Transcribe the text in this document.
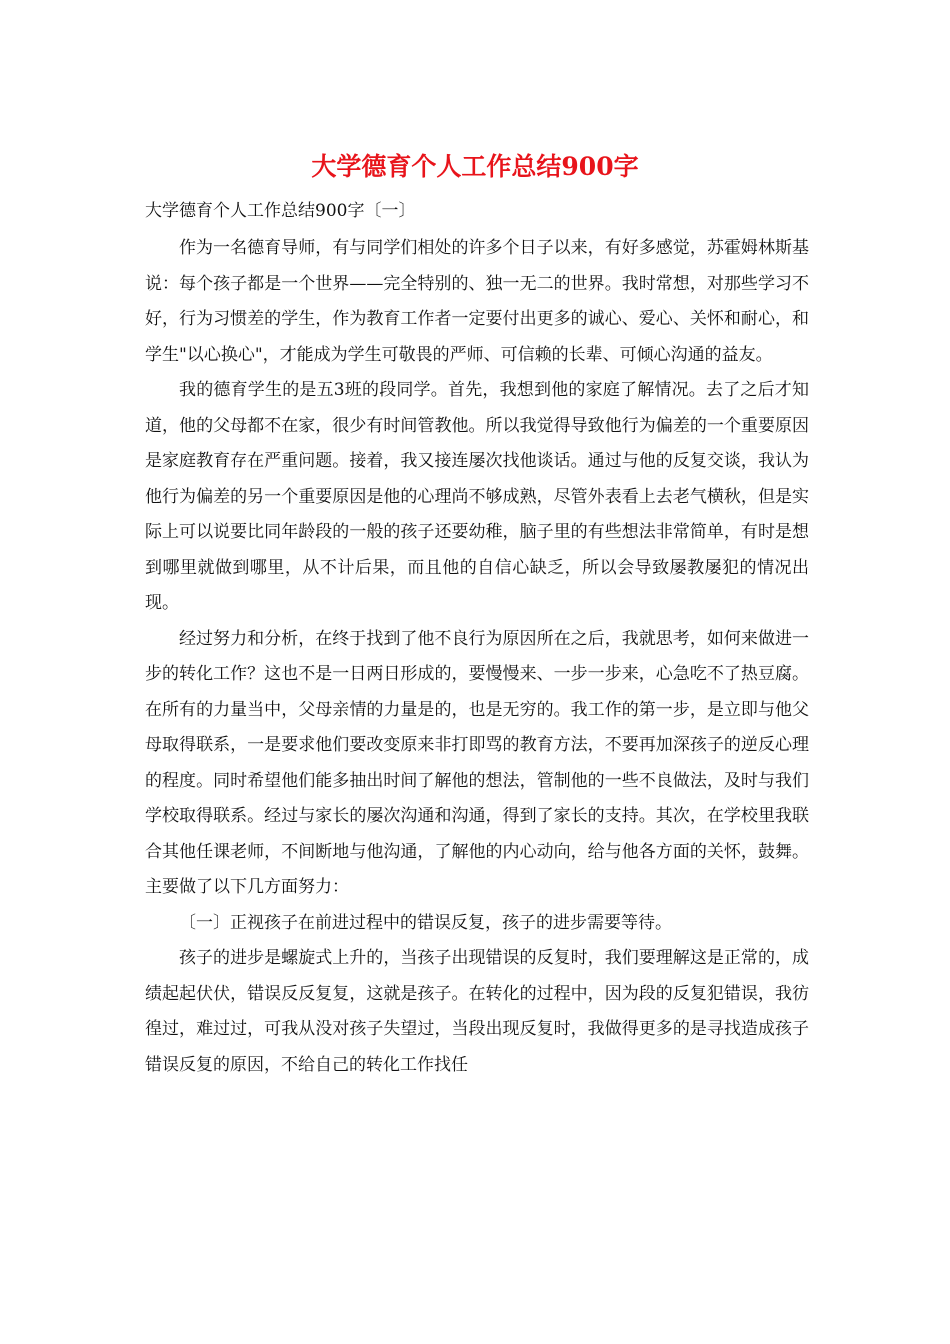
大学德育个人工作总结900字
大学德育个人工作总结900字〔一〕

作为一名德育导师，有与同学们相处的许多个日子以来，有好多感觉，苏霍姆林斯基说：每个孩子都是一个世界——完全特别的、独一无二的世界。我时常想，对那些学习不好，行为习惯差的学生，作为教育工作者一定要付出更多的诚心、爱心、关怀和耐心，和学生"以心换心"，才能成为学生可敬畏的严师、可信赖的长辈、可倾心沟通的益友。

我的德育学生的是五3班的段同学。首先，我想到他的家庭了解情况。去了之后才知道，他的父母都不在家，很少有时间管教他。所以我觉得导致他行为偏差的一个重要原因是家庭教育存在严重问题。接着，我又接连屡次找他谈话。通过与他的反复交谈，我认为他行为偏差的另一个重要原因是他的心理尚不够成熟，尽管外表看上去老气横秋，但是实际上可以说要比同年龄段的一般的孩子还要幼稚，脑子里的有些想法非常简单，有时是想到哪里就做到哪里，从不计后果，而且他的自信心缺乏，所以会导致屡教屡犯的情况出现。

经过努力和分析，在终于找到了他不良行为原因所在之后，我就思考，如何来做进一步的转化工作？这也不是一日两日形成的，要慢慢来、一步一步来，心急吃不了热豆腐。在所有的力量当中，父母亲情的力量是的，也是无穷的。我工作的第一步，是立即与他父母取得联系，一是要求他们要改变原来非打即骂的教育方法，不要再加深孩子的逆反心理的程度。同时希望他们能多抽出时间了解他的想法，管制他的一些不良做法，及时与我们学校取得联系。经过与家长的屡次沟通和沟通，得到了家长的支持。其次，在学校里我联合其他任课老师，不间断地与他沟通，了解他的内心动向，给与他各方面的关怀，鼓舞。主要做了以下几方面努力：

〔一〕正视孩子在前进过程中的错误反复，孩子的进步需要等待。

孩子的进步是螺旋式上升的，当孩子出现错误的反复时，我们要理解这是正常的，成绩起起伏伏，错误反反复复，这就是孩子。在转化的过程中，因为段的反复犯错误，我彷徨过，难过过，可我从没对孩子失望过，当段出现反复时，我做得更多的是寻找造成孩子错误反复的原因，不给自己的转化工作找任
